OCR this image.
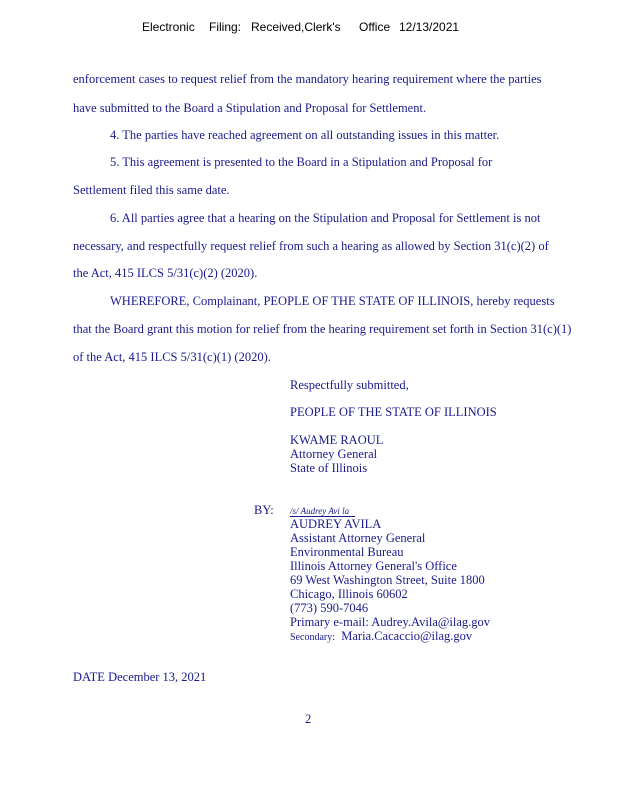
Electronic Filing: Received,Clerk's Office 12/13/2021
enforcement cases to request relief from the mandatory hearing requirement where the parties
have submitted to the Board a Stipulation and Proposal for Settlement.
4. The parties have reached agreement on all outstanding issues in this matter.
5. This agreement is presented to the Board in a Stipulation and Proposal for
Settlement filed this same date.
6. All parties agree that a hearing on the Stipulation and Proposal for Settlement is not
necessary, and respectfully request relief from such a hearing as allowed by Section 31(c)(2) of
the Act, 415 ILCS 5/31(c)(2) (2020).
WHEREFORE, Complainant, PEOPLE OF THE STATE OF ILLINOIS, hereby requests
that the Board grant this motion for relief from the hearing requirement set forth in Section 31(c)(1)
of the Act, 415 ILCS 5/31(c)(1) (2020).
Respectfully submitted,
PEOPLE OF THE STATE OF ILLINOIS
KWAME RAOUL
Attorney General
State of Illinois
BY: /s/ Audrey Avi la
AUDREY AVILA
Assistant Attorney General
Environmental Bureau
Illinois Attorney General's Office
69 West Washington Street, Suite 1800
Chicago, Illinois 60602
(773) 590-7046
Primary e-mail: Audrey.Avila@ilag.gov
Secondary: Maria.Cacaccio@ilag.gov
DATE December 13, 2021
2
